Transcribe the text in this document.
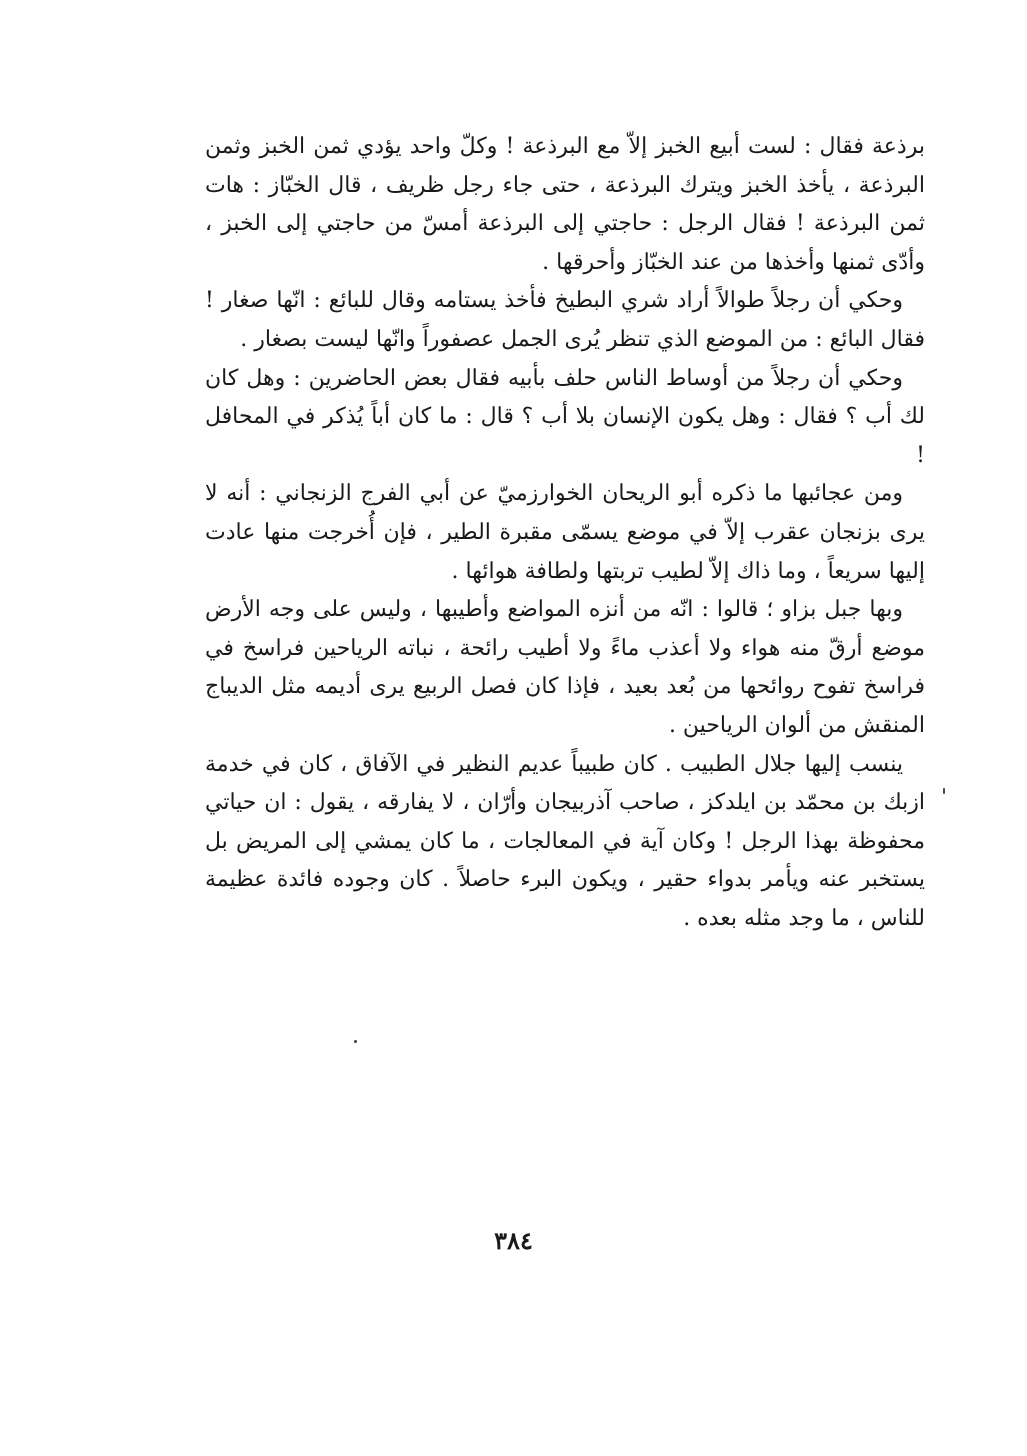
برذعة فقال : لست أبيع الخبز إلاّ مع البرذعة ! وكلّ واحد يؤدي ثمن الخبز وثمن البرذعة ، يأخذ الخبز ويترك البرذعة ، حتى جاء رجل ظريف ، قال الخبّاز : هات ثمن البرذعة ! فقال الرجل : حاجتي إلى البرذعة أمسّ من حاجتي إلى الخبز ، وأدّى ثمنها وأخذها من عند الخبّاز وأحرقها .

وحكي أن رجلاً طوالاً أراد شري البطيخ فأخذ يستامه وقال للبائع : انّها صغار ! فقال البائع : من الموضع الذي تنظر يُرى الجمل عصفوراً وانّها ليست بصغار .

وحكي أن رجلاً من أوساط الناس حلف بأبيه فقال بعض الحاضرين : وهل كان لك أب ؟ فقال : وهل يكون الإنسان بلا أب ؟ قال : ما كان أباً يُذكر في المحافل !

ومن عجائبها ما ذكره أبو الريحان الخوارزميّ عن أبي الفرج الزنجاني : أنه لا يرى بزنجان عقرب إلاّ في موضع يسمّى مقبرة الطير ، فإن أُخرجت منها عادت إليها سريعاً ، وما ذاك إلاّ لطيب تربتها ولطافة هوائها .

وبها جبل بزاو ؛ قالوا : انّه من أنزه المواضع وأطيبها ، وليس على وجه الأرض موضع أرقّ منه هواء ولا أعذب ماءً ولا أطيب رائحة ، نباته الرياحين فراسخ في فراسخ تفوح روائحها من بُعد بعيد ، فإذا كان فصل الربيع يرى أديمه مثل الديباج المنقش من ألوان الرياحين .

ينسب إليها جلال الطبيب . كان طبيباً عديم النظير في الآفاق ، كان في خدمة ازبك بن محمّد بن ايلدكز ، صاحب آذربيجان وأرّان ، لا يفارقه ، يقول : ان حياتي محفوظة بهذا الرجل ! وكان آية في المعالجات ، ما كان يمشي إلى المريض بل يستخبر عنه ويأمر بدواء حقير ، ويكون البرء حاصلاً . كان وجوده فائدة عظيمة للناس ، ما وجد مثله بعده .

٣٨٤
